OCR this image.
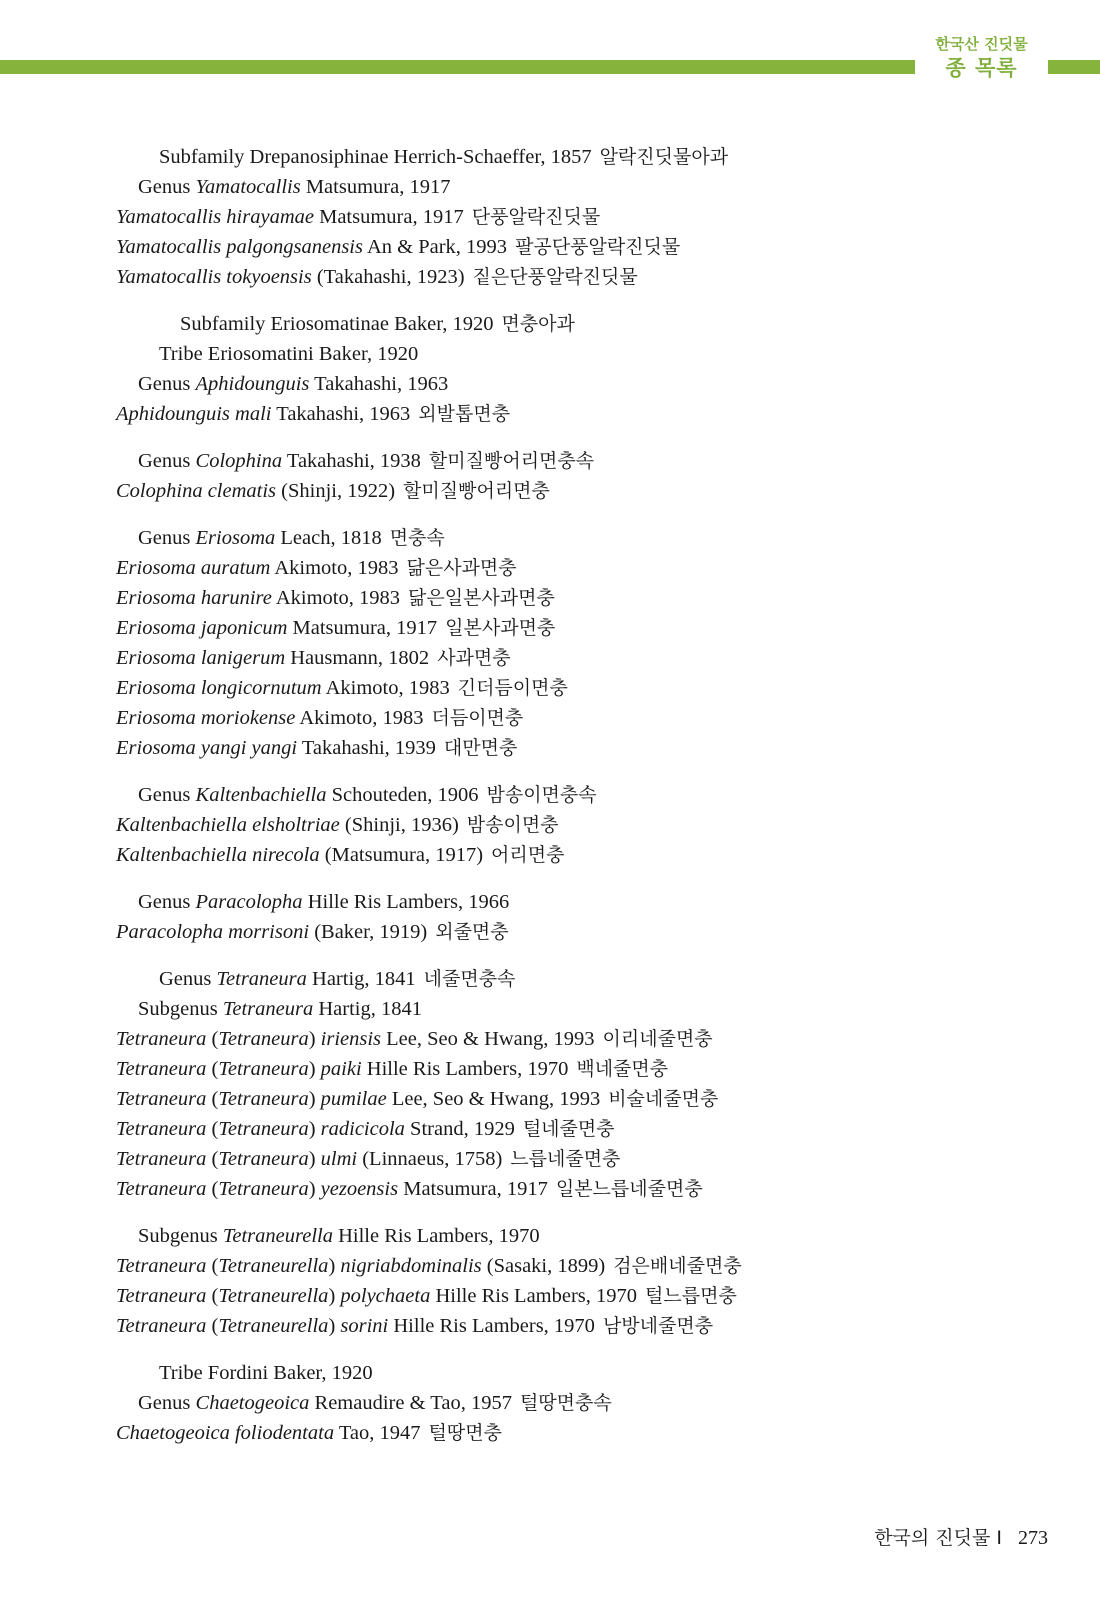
한국산 진딧물
종 목록
Subfamily Drepanosiphinae Herrich-Schaeffer, 1857 알락진딧물아과
Genus Yamatocallis Matsumura, 1917
Yamatocallis hirayamae Matsumura, 1917 단풍알락진딧물
Yamatocallis palgongsanensis An & Park, 1993 팔공단풍알락진딧물
Yamatocallis tokyoensis (Takahashi, 1923) 짙은단풍알락진딧물
Subfamily Eriosomatinae Baker, 1920 면충아과
Tribe Eriosomatini Baker, 1920
Genus Aphidounguis Takahashi, 1963
Aphidounguis mali Takahashi, 1963 외발톱면충
Genus Colophina Takahashi, 1938 할미질빵어리면충속
Colophina clematis (Shinji, 1922) 할미질빵어리면충
Genus Eriosoma Leach, 1818 면충속
Eriosoma auratum Akimoto, 1983 닮은사과면충
Eriosoma harunire Akimoto, 1983 닮은일본사과면충
Eriosoma japonicum Matsumura, 1917 일본사과면충
Eriosoma lanigerum Hausmann, 1802 사과면충
Eriosoma longicornutum Akimoto, 1983 긴더듬이면충
Eriosoma moriokense Akimoto, 1983 더듬이면충
Eriosoma yangi yangi Takahashi, 1939 대만면충
Genus Kaltenbachiella Schouteden, 1906 밤송이면충속
Kaltenbachiella elsholtriae (Shinji, 1936) 밤송이면충
Kaltenbachiella nirecola (Matsumura, 1917) 어리면충
Genus Paracolopha Hille Ris Lambers, 1966
Paracolopha morrisoni (Baker, 1919) 외줄면충
Genus Tetraneura Hartig, 1841 네줄면충속
Subgenus Tetraneura Hartig, 1841
Tetraneura (Tetraneura) iriensis Lee, Seo & Hwang, 1993 이리네줄면충
Tetraneura (Tetraneura) paiki Hille Ris Lambers, 1970 백네줄면충
Tetraneura (Tetraneura) pumilae Lee, Seo & Hwang, 1993 비술네줄면충
Tetraneura (Tetraneura) radicicola Strand, 1929 털네줄면충
Tetraneura (Tetraneura) ulmi (Linnaeus, 1758) 느릅네줄면충
Tetraneura (Tetraneura) yezoensis Matsumura, 1917 일본느릅네줄면충
Subgenus Tetraneurella Hille Ris Lambers, 1970
Tetraneura (Tetraneurella) nigriabdominalis (Sasaki, 1899) 검은배네줄면충
Tetraneura (Tetraneurella) polychaeta Hille Ris Lambers, 1970 털느릅면충
Tetraneura (Tetraneurella) sorini Hille Ris Lambers, 1970 남방네줄면충
Tribe Fordini Baker, 1920
Genus Chaetogeoica Remaudire & Tao, 1957 털땅면충속
Chaetogeoica foliodentata Tao, 1947 털땅면충
한국의 진딧물 I 273
